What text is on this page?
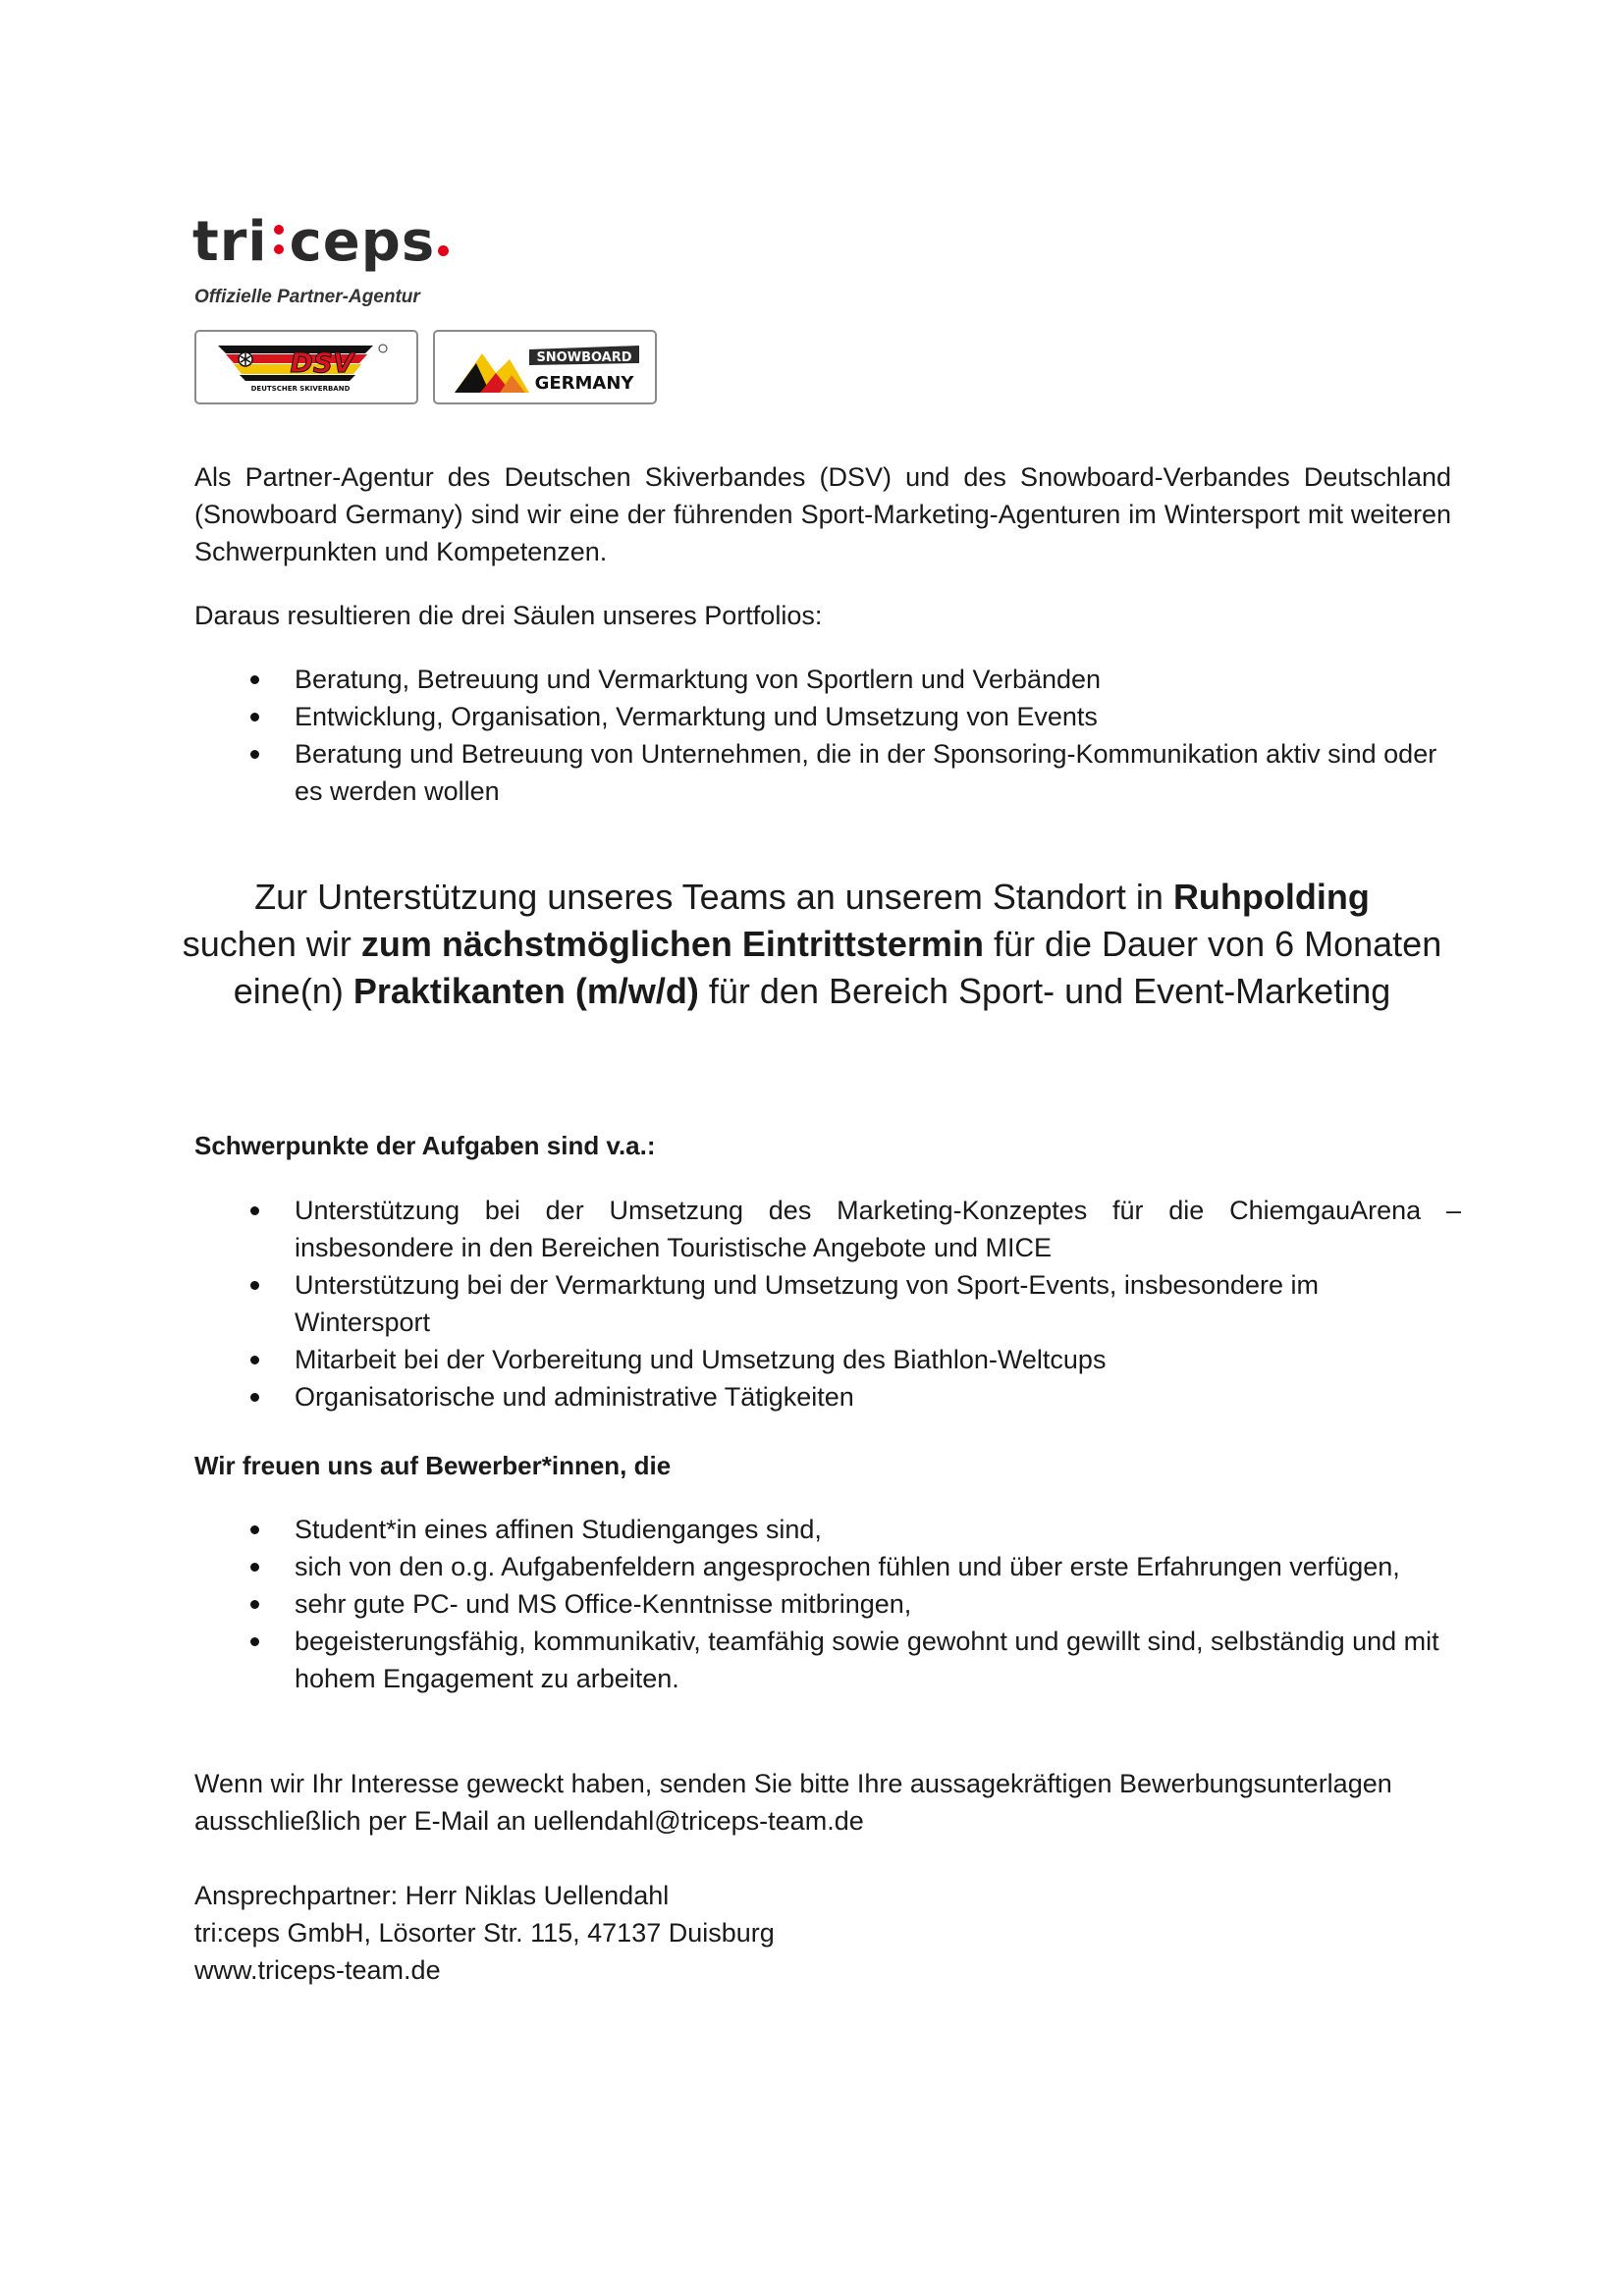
tri ceps
Offizielle Partner-Agentur
DSV
DEUTSCHER SKIVERBAND
SNOWBOARD
GERMANY

Als Partner-Agentur des Deutschen Skiverbandes (DSV) und des Snowboard-Verbandes Deutschland (Snowboard Germany) sind wir eine der führenden Sport-Marketing-Agenturen im Wintersport mit weiteren Schwerpunkten und Kompetenzen.

Daraus resultieren die drei Säulen unseres Portfolios:

Beratung, Betreuung und Vermarktung von Sportlern und Verbänden
Entwicklung, Organisation, Vermarktung und Umsetzung von Events
Beratung und Betreuung von Unternehmen, die in der Sponsoring-Kommunikation aktiv sind oder es werden wollen
Zur Unterstützung unseres Teams an unserem Standort in Ruhpolding
suchen wir zum nächstmöglichen Eintrittstermin für die Dauer von 6 Monaten
eine(n) Praktikanten (m/w/d) für den Bereich Sport- und Event-Marketing
Schwerpunkte der Aufgaben sind v.a.:
Unterstützung bei der Umsetzung des Marketing-Konzeptes für die ChiemgauArena – insbesondere in den Bereichen Touristische Angebote und MICE
Unterstützung bei der Vermarktung und Umsetzung von Sport-Events, insbesondere im Wintersport
Mitarbeit bei der Vorbereitung und Umsetzung des Biathlon-Weltcups
Organisatorische und administrative Tätigkeiten
Wir freuen uns auf Bewerber*innen, die
Student*in eines affinen Studienganges sind,
sich von den o.g. Aufgabenfeldern angesprochen fühlen und über erste Erfahrungen verfügen,
sehr gute PC- und MS Office-Kenntnisse mitbringen,
begeisterungsfähig, kommunikativ, teamfähig sowie gewohnt und gewillt sind, selbständig und mit hohem Engagement zu arbeiten.

Wenn wir Ihr Interesse geweckt haben, senden Sie bitte Ihre aussagekräftigen Bewerbungsunterlagen ausschließlich per E-Mail an uellendahl@triceps-team.de

Ansprechpartner: Herr Niklas Uellendahl
tri:ceps GmbH, Lösorter Str. 115, 47137 Duisburg
www.triceps-team.de
